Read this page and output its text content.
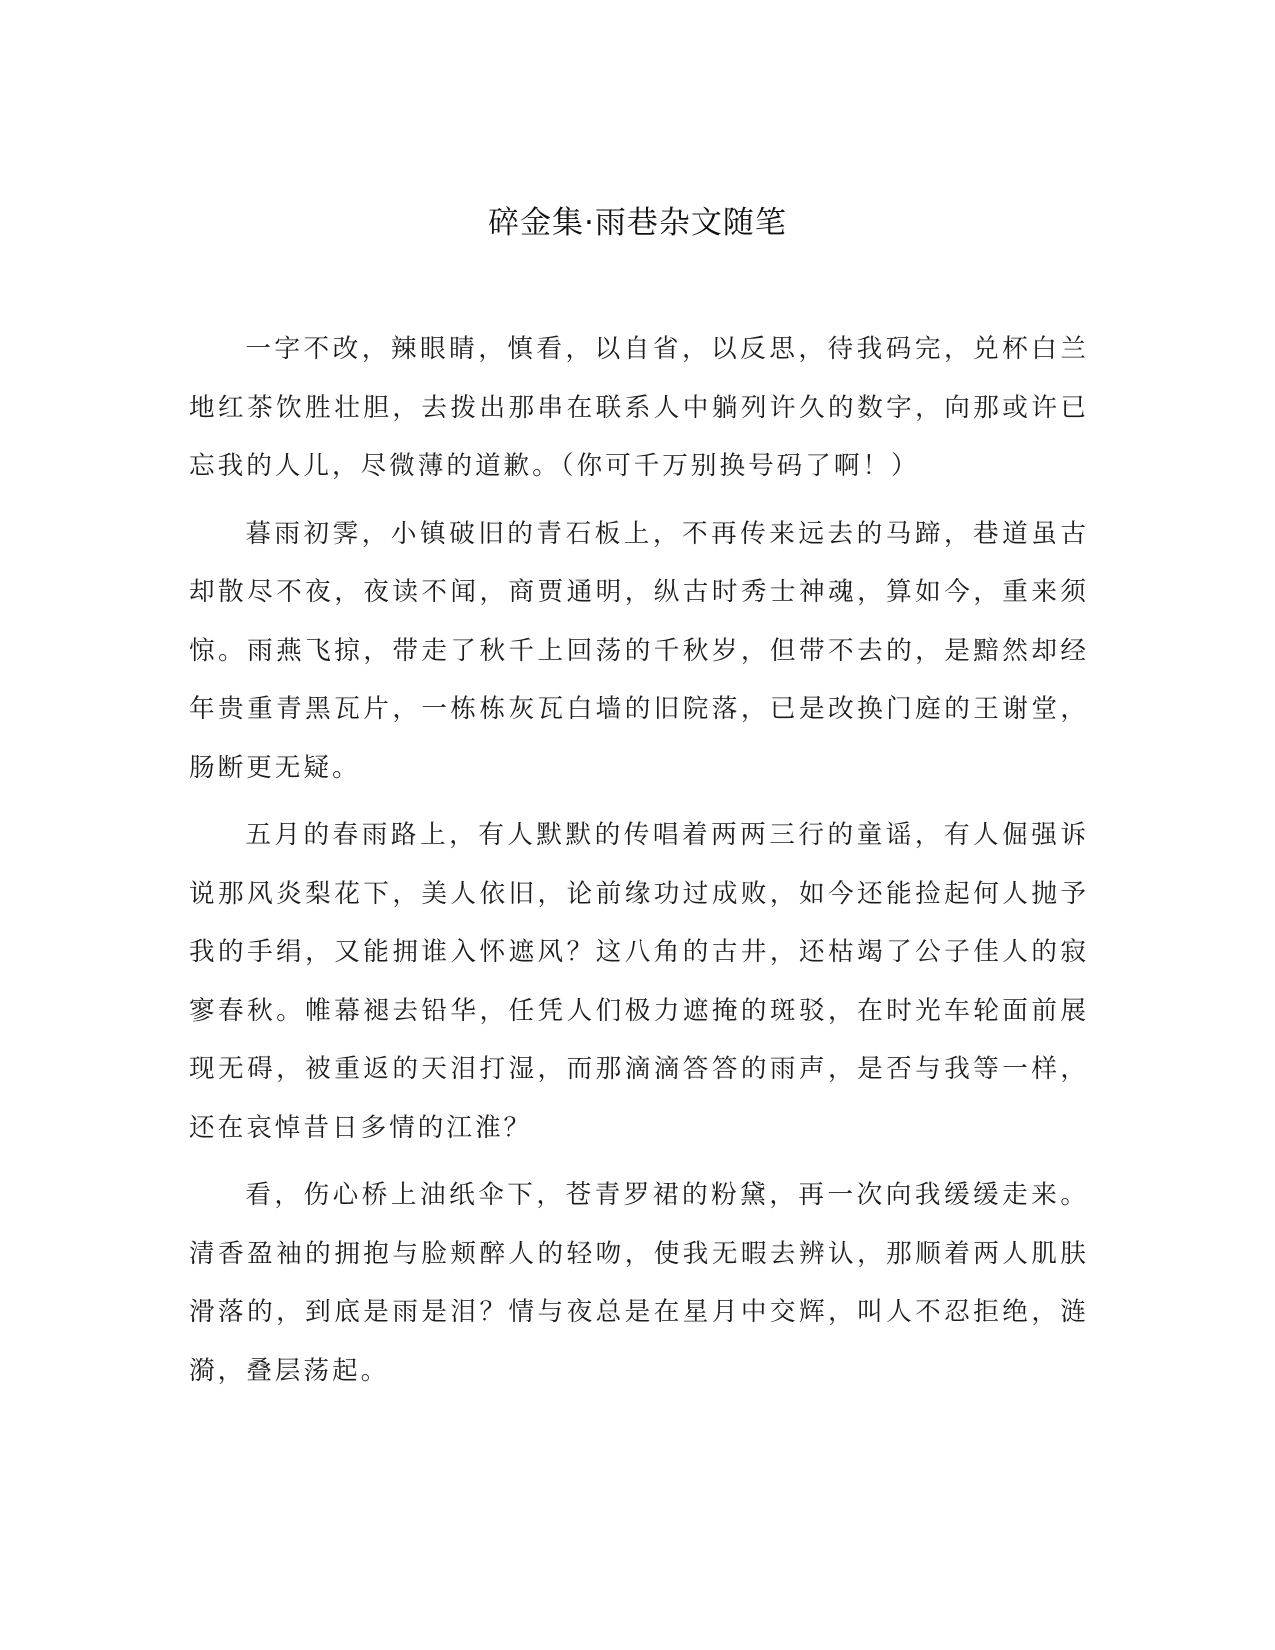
碎金集·雨巷杂文随笔

一字不改，辣眼睛，慎看，以自省，以反思，待我码完，兑杯白兰地红茶饮胜壮胆，去拨出那串在联系人中躺列许久的数字，向那或许已忘我的人儿，尽微薄的道歉。（你可千万别换号码了啊！）

暮雨初霁，小镇破旧的青石板上，不再传来远去的马蹄，巷道虽古却散尽不夜，夜读不闻，商贾通明，纵古时秀士神魂，算如今，重来须惊。雨燕飞掠，带走了秋千上回荡的千秋岁，但带不去的，是黯然却经年贵重青黑瓦片，一栋栋灰瓦白墙的旧院落，已是改换门庭的王谢堂，肠断更无疑。

五月的春雨路上，有人默默的传唱着两两三行的童谣，有人倔强诉说那风炎梨花下，美人依旧，论前缘功过成败，如今还能捡起何人抛予我的手绢，又能拥谁入怀遮风？这八角的古井，还枯竭了公子佳人的寂寥春秋。帷幕褪去铅华，任凭人们极力遮掩的斑驳，在时光车轮面前展现无碍，被重返的天泪打湿，而那滴滴答答的雨声，是否与我等一样，还在哀悼昔日多情的江淮？

看，伤心桥上油纸伞下，苍青罗裙的粉黛，再一次向我缓缓走来。清香盈袖的拥抱与脸颊醉人的轻吻，使我无暇去辨认，那顺着两人肌肤滑落的，到底是雨是泪？情与夜总是在星月中交辉，叫人不忍拒绝，涟漪，叠层荡起。
